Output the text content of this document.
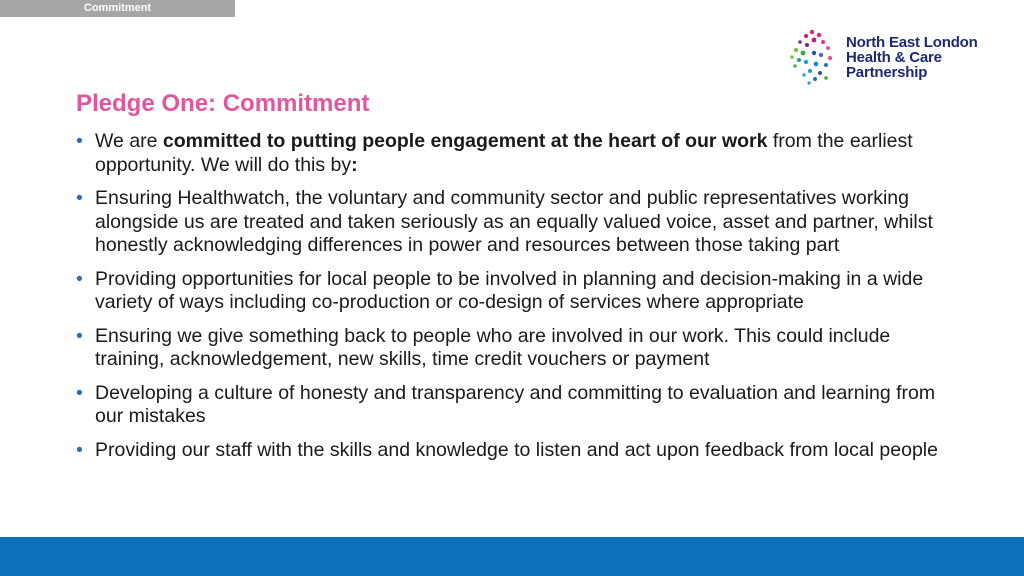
Commitment
North East London
Health & Care
Partnership
Pledge One: Commitment
• We are committed to putting people engagement at the heart of our work from the earliest opportunity. We will do this by:
• Ensuring Healthwatch, the voluntary and community sector and public representatives working alongside us are treated and taken seriously as an equally valued voice, asset and partner, whilst honestly acknowledging differences in power and resources between those taking part
• Providing opportunities for local people to be involved in planning and decision-making in a wide variety of ways including co-production or co-design of services where appropriate
• Ensuring we give something back to people who are involved in our work. This could include training, acknowledgement, new skills, time credit vouchers or payment
• Developing a culture of honesty and transparency and committing to evaluation and learning from our mistakes
• Providing our staff with the skills and knowledge to listen and act upon feedback from local people
